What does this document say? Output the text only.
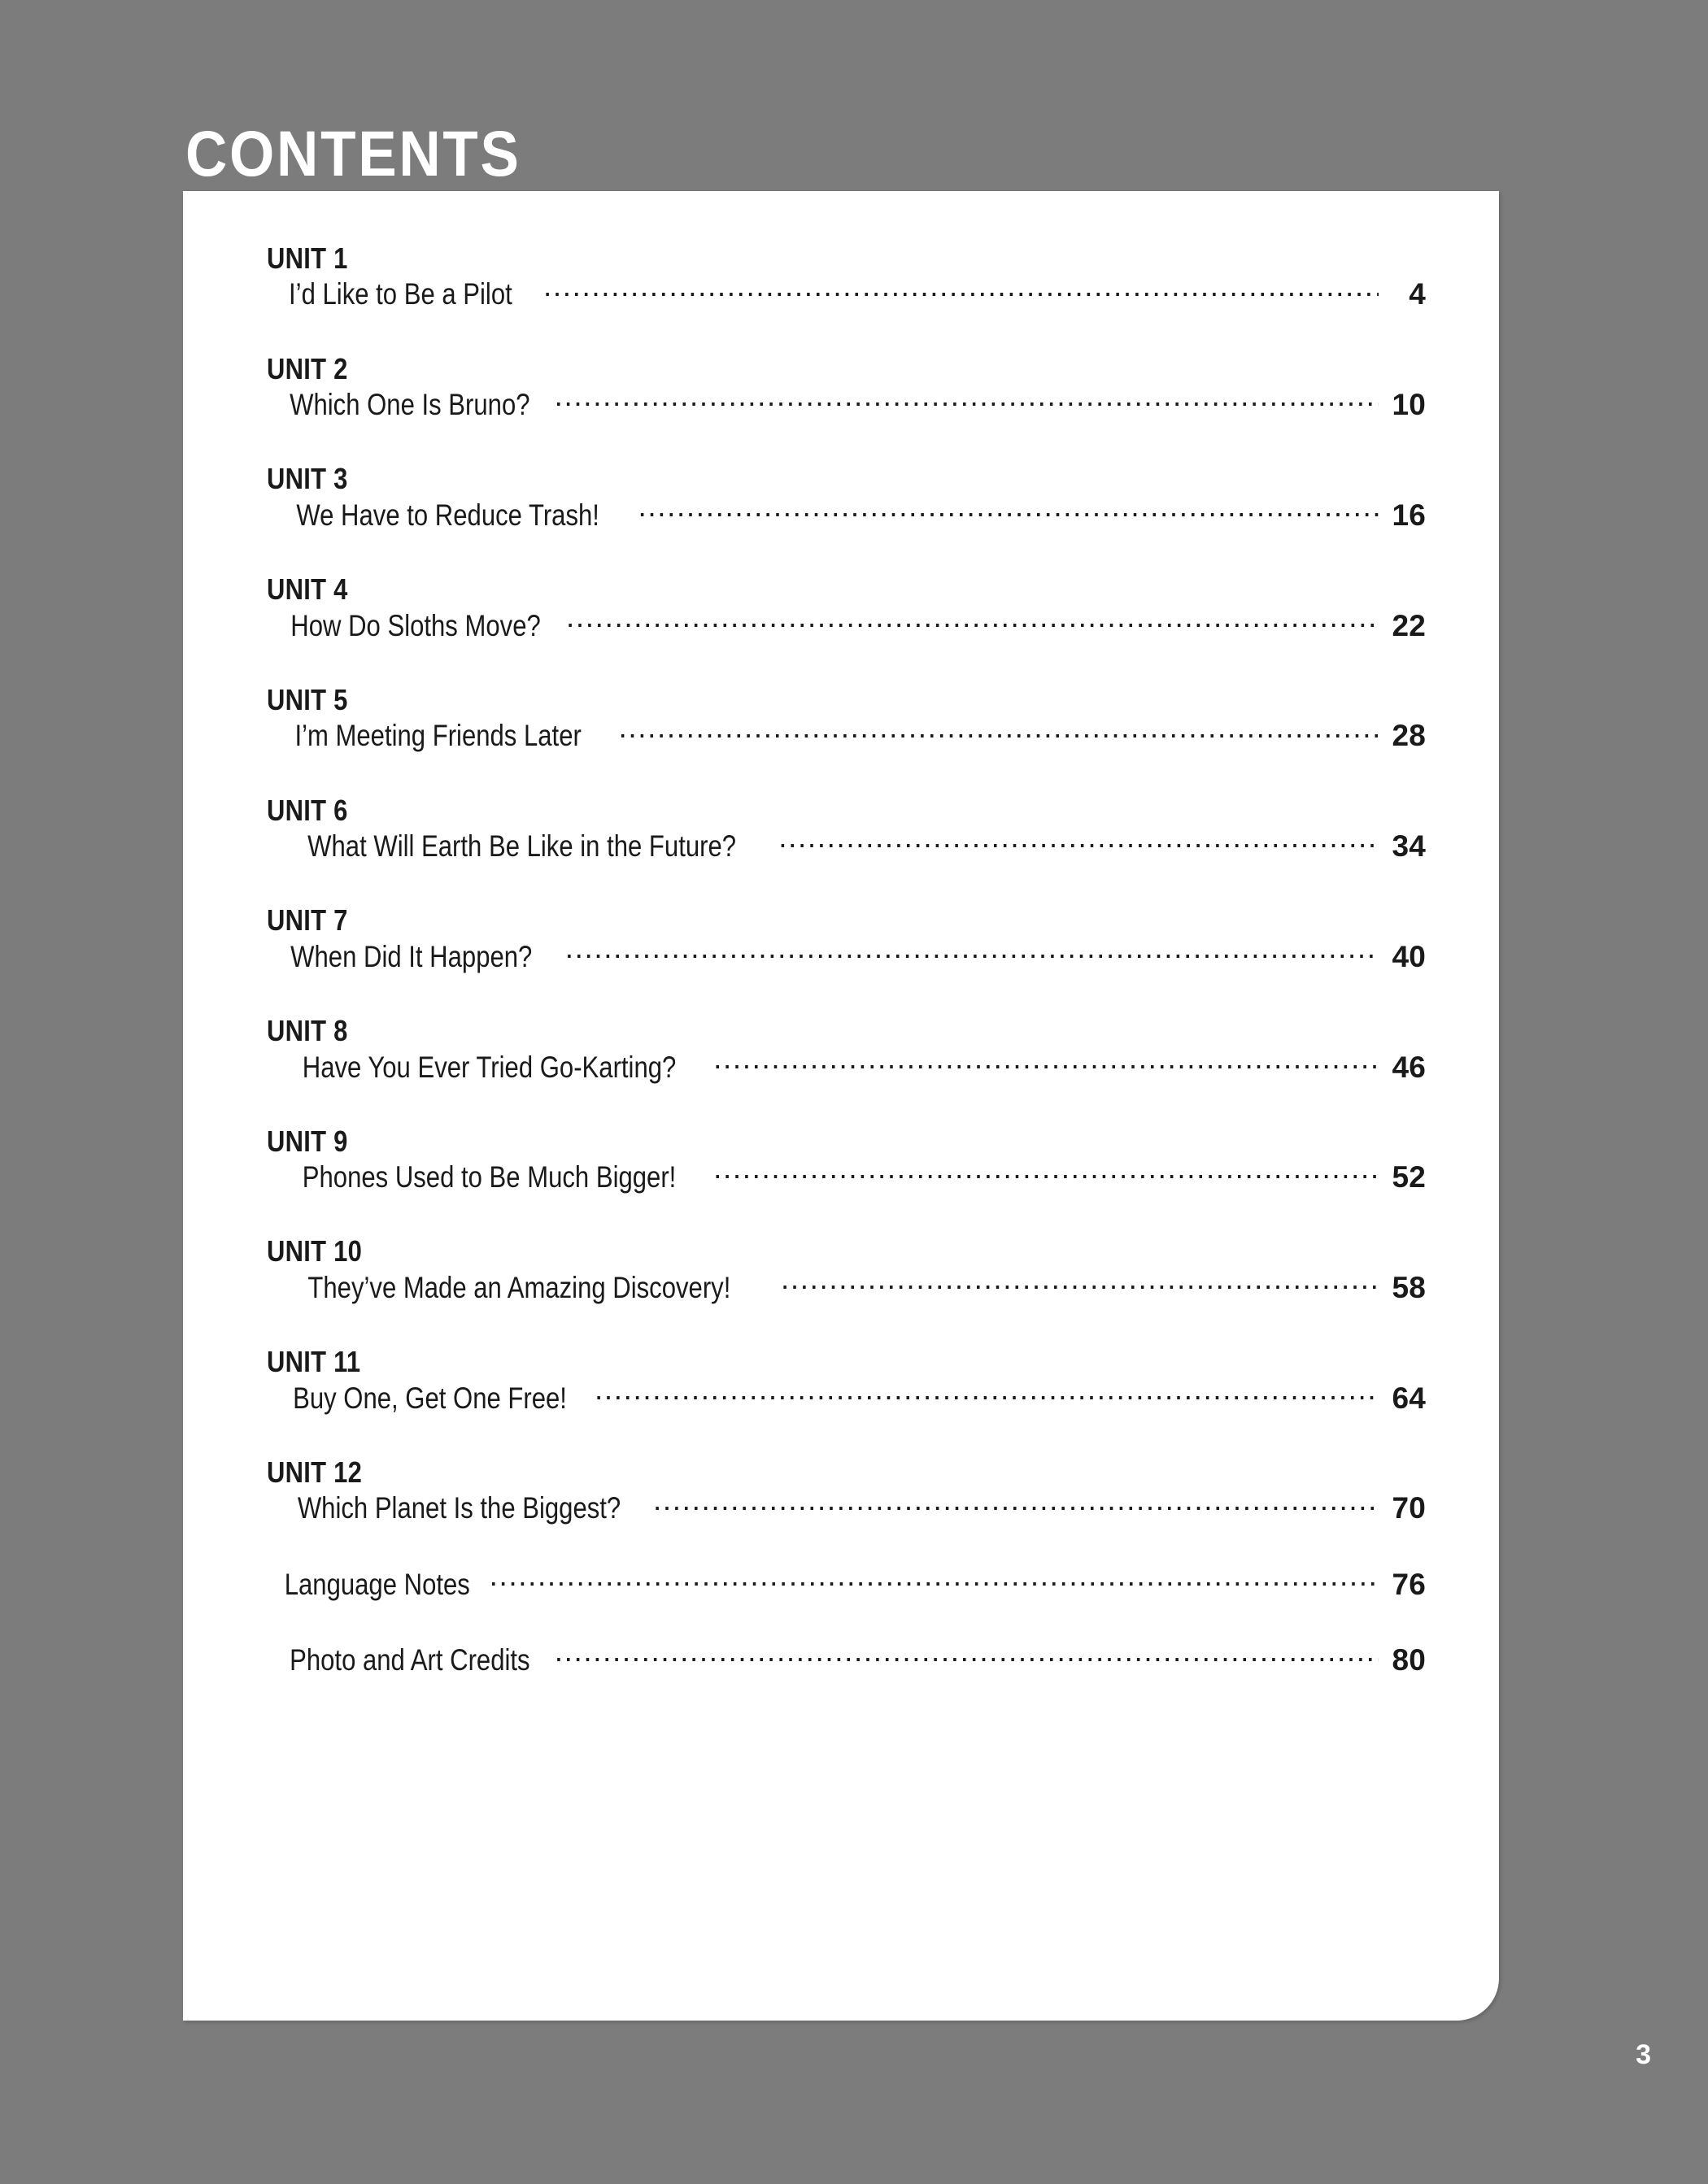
CONTENTS
UNIT 1
I’d Like to Be a Pilot .....	4
UNIT 2
Which One Is Bruno? .....	10
UNIT 3
We Have to Reduce Trash! .....	16
UNIT 4
How Do Sloths Move? .....	22
UNIT 5
I’m Meeting Friends Later .....	28
UNIT 6
What Will Earth Be Like in the Future? .....	34
UNIT 7
When Did It Happen? .....	40
UNIT 8
Have You Ever Tried Go-Karting? .....	46
UNIT 9
Phones Used to Be Much Bigger! .....	52
UNIT 10
They’ve Made an Amazing Discovery! .....	58
UNIT 11
Buy One, Get One Free! .....	64
UNIT 12
Which Planet Is the Biggest? .....	70
Language Notes .....	76
Photo and Art Credits .....	80
3
